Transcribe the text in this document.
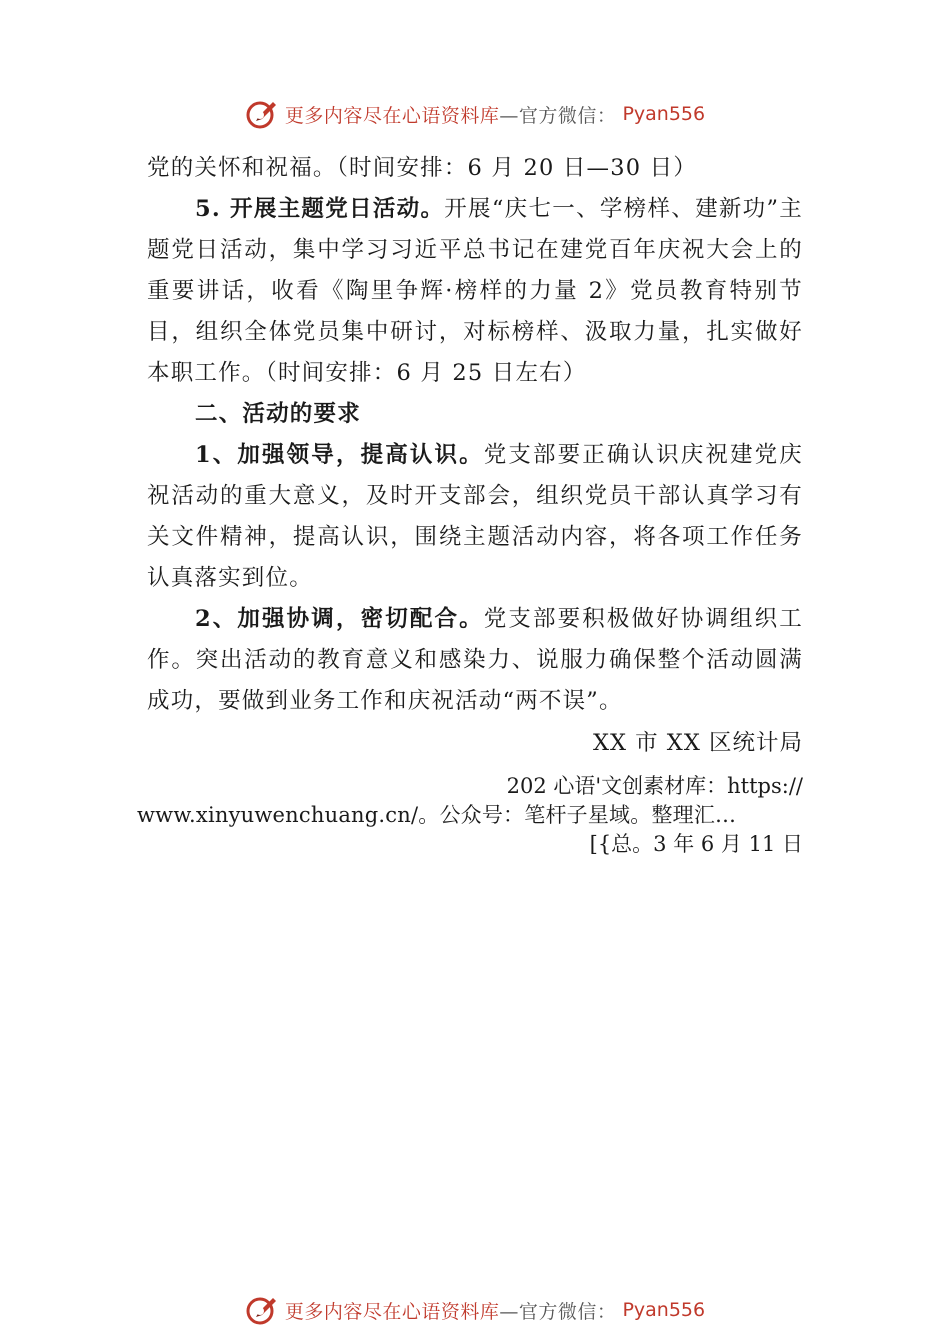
更多内容尽在心语资料库—官方微信： Pyan556

党的关怀和祝福。（时间安排：6 月 20 日—30 日）

5. 开展主题党日活动。开展“庆七一、学榜样、建新功”主题党日活动，集中学习习近平总书记在建党百年庆祝大会上的重要讲话，收看《陶里争辉·榜样的力量 2》党员教育特别节目，组织全体党员集中研讨，对标榜样、汲取力量，扎实做好本职工作。（时间安排：6 月 25 日左右）

二、活动的要求

1、加强领导，提高认识。党支部要正确认识庆祝建党庆祝活动的重大意义，及时开支部会，组织党员干部认真学习有关文件精神，提高认识，围绕主题活动内容，将各项工作任务认真落实到位。

2、加强协调，密切配合。党支部要积极做好协调组织工作。突出活动的教育意义和感染力、说服力确保整个活动圆满成功，要做到业务工作和庆祝活动“两不误”。

XX 市 XX 区统计局

202 心语'文创素材库：https://
www.xinyuwenchuang.cn/。公众号：笔杆子星域。整理汇…
[{总。3 年 6 月 11 日
更多内容尽在心语资料库—官方微信： Pyan556
